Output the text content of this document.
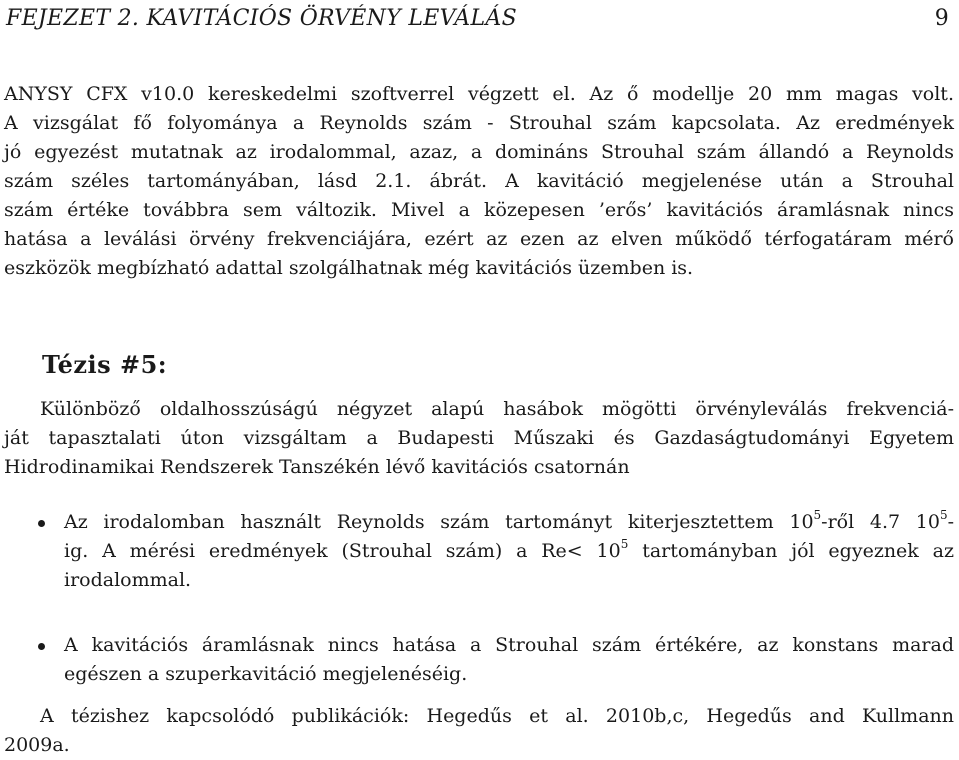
FEJEZET 2. KAVITÁCIÓS ÖRVÉNY LEVÁLÁS	9
ANYSY CFX v10.0 kereskedelmi szoftverrel végzett el. Az ő modellje 20 mm magas volt.
A vizsgálat fő folyománya a Reynolds szám - Strouhal szám kapcsolata. Az eredmények
jó egyezést mutatnak az irodalommal, azaz, a domináns Strouhal szám állandó a Reynolds
szám széles tartományában, lásd 2.1. ábrát. A kavitáció megjelenése után a Strouhal
szám értéke továbbra sem változik. Mivel a közepesen ’erős’ kavitációs áramlásnak nincs
hatása a leválási örvény frekvenciájára, ezért az ezen az elven működő térfogatáram mérő
eszközök megbízható adattal szolgálhatnak még kavitációs üzemben is.
Tézis #5:
Különböző oldalhosszúságú négyzet alapú hasábok mögötti örvényleválás frekvenciá-
ját tapasztalati úton vizsgáltam a Budapesti Műszaki és Gazdaságtudományi Egyetem
Hidrodinamikai Rendszerek Tanszékén lévő kavitációs csatornán
Az irodalomban használt Reynolds szám tartományt kiterjesztettem $10^5$-ről 4.7 $10^5-$
ig. A mérési eredmények (Strouhal szám) a $Re< 10^5$ tartományban jól egyeznek az
irodalommal.
A kavitációs áramlásnak nincs hatása a Strouhal szám értékére, az konstans marad
egészen a szuperkavitáció megjelenéséig.
A tézishez kapcsolódó publikációk: Hegedűs et al. 2010b,c, Hegedűs and Kullmann
2009a.
